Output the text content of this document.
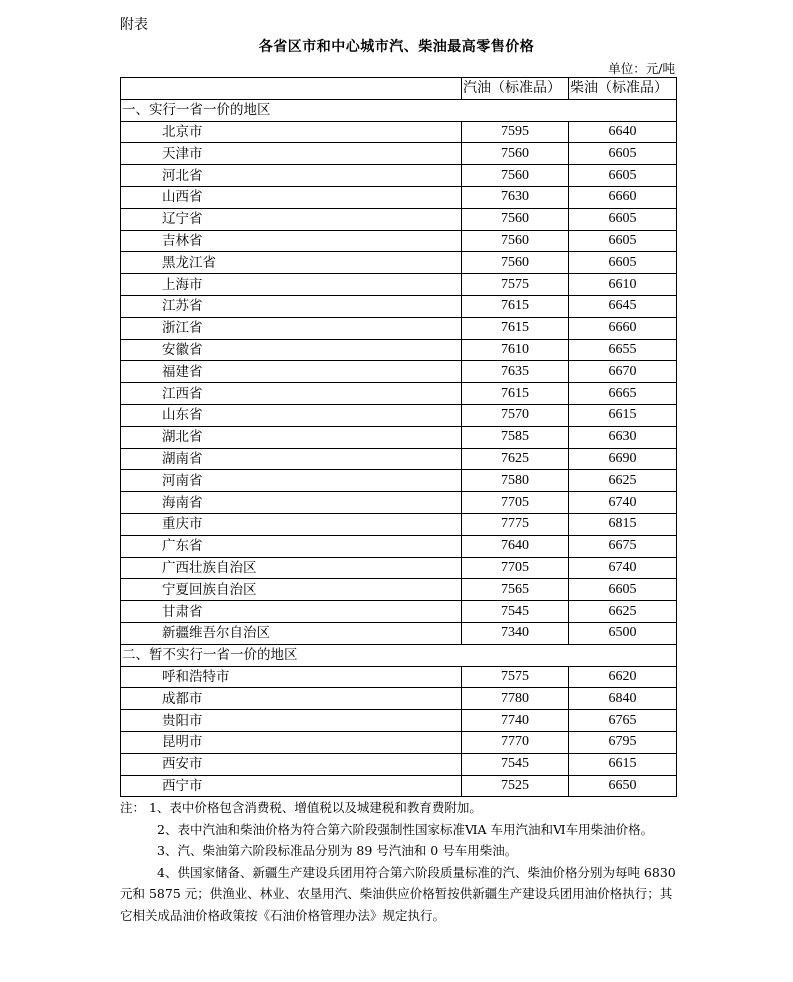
附表
各省区市和中心城市汽、柴油最高零售价格
单位：元/吨
	汽油（标准品）	柴油（标准品）
一、实行一省一价的地区		
北京市	7595	6640
天津市	7560	6605
河北省	7560	6605
山西省	7630	6660
辽宁省	7560	6605
吉林省	7560	6605
黑龙江省	7560	6605
上海市	7575	6610
江苏省	7615	6645
浙江省	7615	6660
安徽省	7610	6655
福建省	7635	6670
江西省	7615	6665
山东省	7570	6615
湖北省	7585	6630
湖南省	7625	6690
河南省	7580	6625
海南省	7705	6740
重庆市	7775	6815
广东省	7640	6675
广西壮族自治区	7705	6740
宁夏回族自治区	7565	6605
甘肃省	7545	6625
新疆维吾尔自治区	7340	6500
二、暂不实行一省一价的地区		
呼和浩特市	7575	6620
成都市	7780	6840
贵阳市	7740	6765
昆明市	7770	6795
西安市	7545	6615
西宁市	7525	6650

注： 1、表中价格包含消费税、增值税以及城建税和教育费附加。

2、表中汽油和柴油价格为符合第六阶段强制性国家标准ⅥA 车用汽油和Ⅵ车用柴油价格。

3、汽、柴油第六阶段标准品分别为 89 号汽油和 0 号车用柴油。

4、供国家储备、新疆生产建设兵团用符合第六阶段质量标准的汽、柴油价格分别为每吨 6830 元和 5875 元；供渔业、林业、农垦用汽、柴油供应价格暂按供新疆生产建设兵团用油价格执行；其它相关成品油价格政策按《石油价格管理办法》规定执行。
